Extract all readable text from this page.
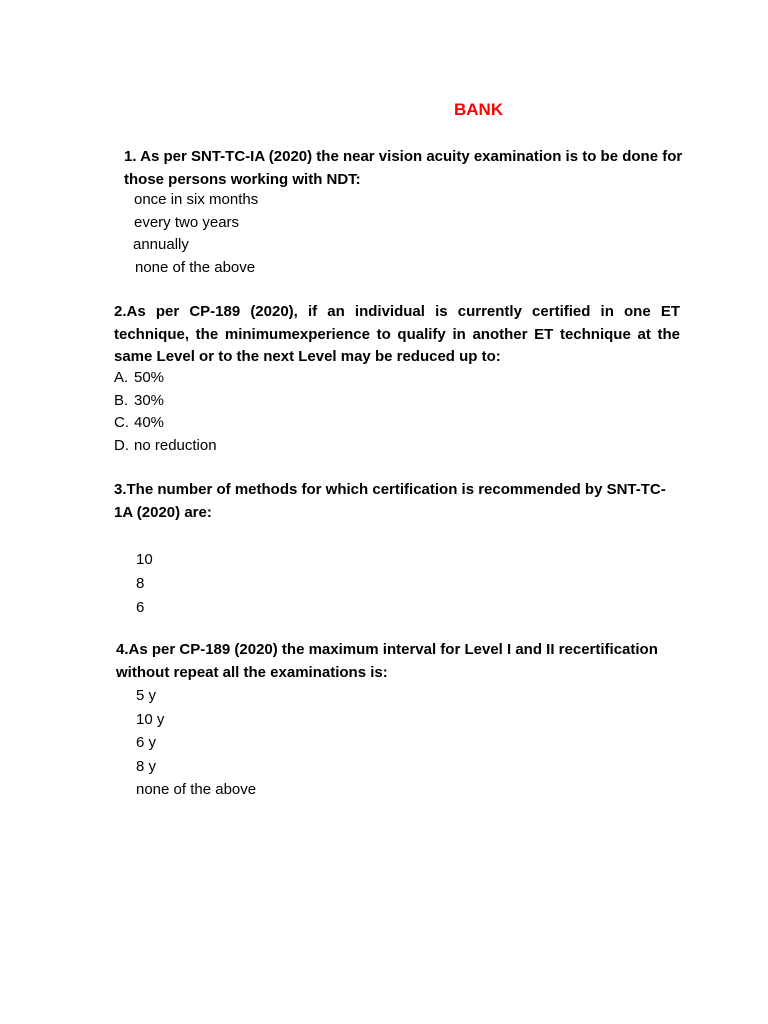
BANK

1. As per SNT-TC-IA (2020) the near vision acuity examination is to be done for those persons working with NDT:

once in six months
every two years
annually
none of the above

2.As per CP-189 (2020), if an individual is currently certified in one ET technique, the minimumexperience to qualify in another ET technique at the same Level or to the next Level may be reduced up to:

A. 50%
B. 30%
C. 40%
D. no reduction

3.The number of methods for which certification is recommended by SNT-TC-1A (2020) are:

10
8
6

4.As per CP-189 (2020) the maximum interval for Level I and II recertification without repeat all the examinations is:

5 y
10 y
6 y
8 y
none of the above
